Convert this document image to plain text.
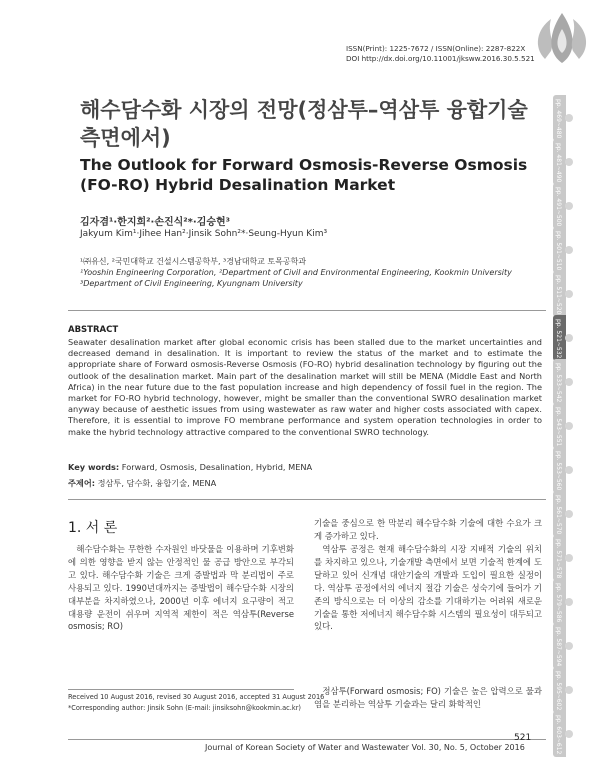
ISSN(Print): 1225-7672 / ISSN(Online): 2287-822X
DOI http://dx.doi.org/10.11001/jksww.2016.30.5.521
pp. 469~480
pp. 481~490
pp. 491~500
pp. 501~510
pp. 511~520
pp. 521~532
pp. 533~542
pp. 543~551
pp. 553~560
pp. 561~570
pp. 571~578
pp. 579~586
pp. 587~594
pp. 595~602
pp. 603~612
해수담수화 시장의 전망(정삼투–역삼투 융합기술 측면에서)
The Outlook for Forward Osmosis-Reverse Osmosis (FO-RO) Hybrid Desalination Market
김자겸¹·한지희²·손진식²*·김승현³
Jakyum Kim¹·Jihee Han²·Jinsik Sohn²*·Seung-Hyun Kim³
¹㈜유신, ²국민대학교 건설시스템공학부, ³경남대학교 토목공학과
¹Yooshin Engineering Corporation, ²Department of Civil and Environmental Engineering, Kookmin University
³Department of Civil Engineering, Kyungnam University
ABSTRACT
Seawater desalination market after global economic crisis has been stalled due to the market uncertainties and decreased demand in desalination. It is important to review the status of the market and to estimate the appropriate share of Forward osmosis-Reverse Osmosis (FO-RO) hybrid desalination technology by figuring out the outlook of the desalination market. Main part of the desalination market will still be MENA (Middle East and North Africa) in the near future due to the fast population increase and high dependency of fossil fuel in the region. The market for FO-RO hybrid technology, however, might be smaller than the conventional SWRO desalination market anyway because of aesthetic issues from using wastewater as raw water and higher costs associated with capex. Therefore, it is essential to improve FO membrane performance and system operation technologies in order to make the hybrid technology attractive compared to the conventional SWRO technology.
Key words: Forward, Osmosis, Desalination, Hybrid, MENA
주제어: 정삼투, 담수화, 융합기술, MENA
1. 서 론
해수담수화는 무한한 수자원인 바닷물을 이용하며 기후변화에 의한 영향을 받지 않는 안정적인 물 공급 방안으로 부각되고 있다. 해수담수화 기술은 크게 증발법과 막 분리법이 주로 사용되고 있다. 1990년대까지는 증발법이 해수담수화 시장의 대부분을 차지하였으나, 2000년 이후 에너지 요구량이 적고 대용량 운전이 쉬우며 지역적 제한이 적은 역삼투(Reverse osmosis; RO)
기술을 중심으로 한 막분리 해수담수화 기술에 대한 수요가 크게 증가하고 있다.
역삼투 공정은 현재 해수담수화의 시장 지배적 기술의 위치를 차지하고 있으나, 기술개발 측면에서 보면 기술적 한계에 도달하고 있어 신개념 대안기술의 개발과 도입이 필요한 실정이다. 역삼투 공정에서의 에너지 절감 기술은 성숙기에 들어가 기존의 방식으로는 더 이상의 감소를 기대하기는 어려워 새로운 기술을 통한 저에너지 해수담수화 시스템의 필요성이 대두되고 있다.
정삼투(Forward osmosis; FO) 기술은 높은 압력으로 물과 염을 분리하는 역삼투 기술과는 달리 화학적인
Received 10 August 2016, revised 30 August 2016, accepted 31 August 2016
*Corresponding author: Jinsik Sohn (E-mail: jinsiksohn@kookmin.ac.kr)
521
Journal of Korean Society of Water and Wastewater Vol. 30, No. 5, October 2016
